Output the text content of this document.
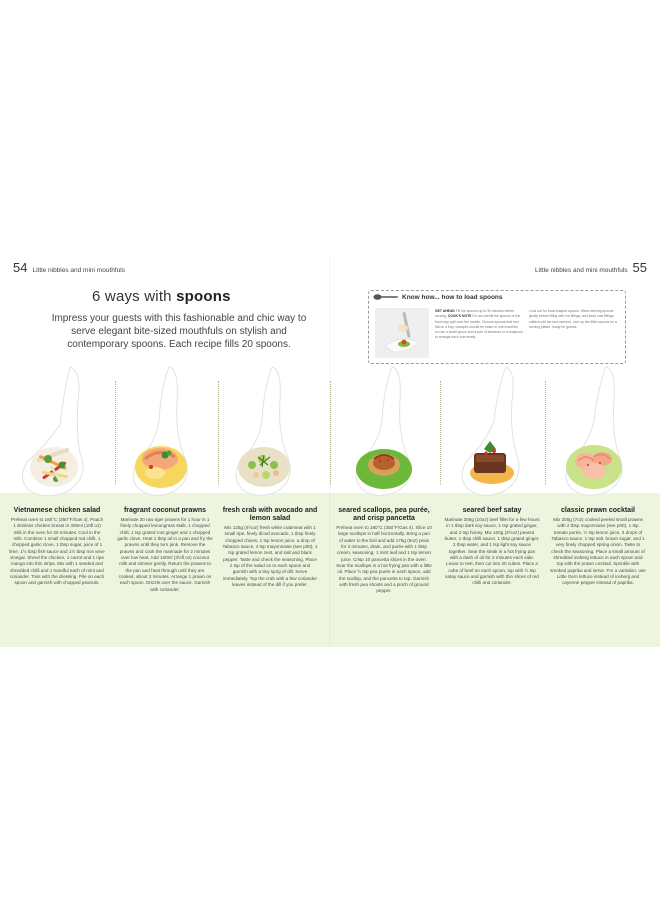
54 Little nibbles and mini mouthfuls	Little nibbles and mini mouthfuls 55
6 ways with spoons
Impress your guests with this fashionable and chic way to serve elegant bite-sized mouthfuls on stylish and contemporary spoons. Each recipe fills 20 spoons.
Know how... how to load spoons
GET AHEAD Fill the spoons up to 30 minutes before serving. COOK'S NOTE Do not overfill the spoons or the food may spill over the handle. Choose spoons that rest flat on a tray; canapés should be eaten in one mouthful, so use a small spoon and a pair of tweezers or a teaspoon to arrange each one neatly.
Look out for bowl-shaped spoons. Warm serving spoons gently before filling with hot fillings, and keep cold fillings chilled until the last moment. Line up the filled spoons on a serving platter, ready for guests.
Vietnamese chicken salad

Preheat oven to 180°C (350°F/Gas 4). Poach 1 skinless chicken breast in 300ml (10fl oz) milk in the oven for 20 minutes. Cool in the milk. Combine 1 small chopped red chilli, 1 chopped garlic clove, 1 tbsp sugar, juice of 1 lime, 1½ tbsp fish sauce and 1½ tbsp rice wine vinegar. Shred the chicken, 1 carrot and 1 ripe mango into thin strips. Mix with 1 seeded and shredded chilli and 1 handful each of mint and coriander. Toss with the dressing. Pile on each spoon and garnish with chopped peanuts.

fragrant coconut prawns

Marinate 20 raw tiger prawns for 1 hour in 1 finely chopped lemongrass stalk, 1 chopped chilli, 1 tsp grated root ginger and 1 chopped garlic clove. Heat 1 tbsp oil in a pan and fry the prawns until they turn pink. Remove the prawns and cook the marinade for 2 minutes over low heat. Add 100ml (3½fl oz) coconut milk and simmer gently. Return the prawns to the pan and heat through until they are cooked, about 3 minutes. Arrange 1 prawn on each spoon. Drizzle over the sauce. Garnish with coriander.

fresh crab with avocado and lemon salad

Mix 125g (4½oz) fresh white crabmeat with 1 small ripe, finely diced avocado, 1 tbsp finely chopped chives, 1 tsp lemon juice, a drop of Tabasco sauce, 4 tsp mayonnaise (see p00), 1 tsp grated lemon zest, and salt and black pepper. Taste and check the seasoning. Place 1 tsp of the salad on to each spoon and garnish with a tiny sprig of dill. Serve immediately. Top the crab with a few coriander leaves instead of the dill if you prefer.

seared scallops, pea purée, and crisp pancetta

Preheat oven to 180°C (350°F/Gas 4). Slice 10 large scallops in half horizontally. Bring a pan of water to the boil and add 175g (6oz) peas for 2 minutes, drain, and purée with 1 tbsp cream, seasoning, 1 mint leaf and 1 tsp lemon juice. Crisp 10 pancetta slices in the oven. Sear the scallops in a hot frying pan with a little oil. Place ½ tsp pea purée in each spoon, add the scallop, and the pancetta to top. Garnish with fresh pea shoots and a pinch of ground pepper.

seared beef satay

Marinate 300g (10oz) beef fillet for a few hours in 1 tbsp dark soy sauce, 1 tsp grated ginger, and 2 tsp honey. Mix 100g (3½oz) peanut butter, 1 tbsp chilli sauce, 1 tbsp grated ginger, 2 tbsp water, and 1 tsp light soy sauce together. Sear the steak in a hot frying pan with a dash of oil for 2 minutes each side. Leave to rest, then cut into 20 cubes. Place a cube of beef on each spoon, top with ½ tsp satay sauce and garnish with thin slices of red chilli and coriander.

classic prawn cocktail

Mix 200g (7oz) cooked peeled small prawns with 2 tbsp mayonnaise (see p00), 1 tsp tomato purée, ½ tsp lemon juice, 3 drops of Tabasco sauce, 1 tsp salt, brown sugar, and 1 very finely chopped spring onion. Taste to check the seasoning. Place a small amount of shredded iceberg lettuce in each spoon and top with the prawn cocktail. Sprinkle with smoked paprika and serve. For a variation, use Little Gem lettuce instead of iceberg and cayenne pepper instead of paprika.
